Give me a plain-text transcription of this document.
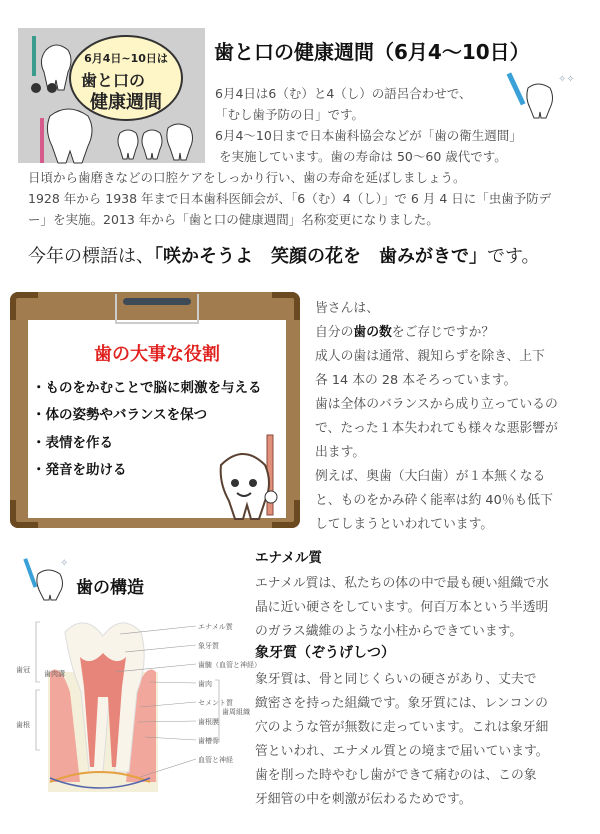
6月4日~10日は
歯と口の
健康週間
歯と口の健康週間（6月4～10日）
✧✧
6月4日は6（む）と4（し）の語呂合わせで、
「むし歯予防の日」です。
6月4～10日まで日本歯科協会などが「歯の衛生週間」
を実施しています。歯の寿命は 50～60 歳代です。
日頃から歯磨きなどの口腔ケアをしっかり行い、歯の寿命を延ばしましょう。
1928 年から 1938 年まで日本歯科医師会が、「6（む）4（し）」で 6 月 4 日に「虫歯予防デ
ー」を実施。2013 年から「歯と口の健康週間」名称変更になりました。
今年の標語は、「咲かそうよ　笑顔の花を　歯みがきで」です。
歯の大事な役割
・ものをかむことで脳に刺激を与える
・体の姿勢やバランスを保つ
・表情を作る
・発音を助ける
皆さんは、
自分の歯の数をご存じですか？
成人の歯は通常、親知らずを除き、上下
各 14 本の 28 本そろっています。
歯は全体のバランスから成り立っているの
で、たった１本失われても様々な悪影響が
出ます。
例えば、奥歯（大臼歯）が１本無くなる
と、ものをかみ砕く能率は約 40％も低下
してしまうといわれています。
✧
歯の構造
エナメル質
象牙質
歯髄（血管と神経）
歯肉
セメント質
歯根膜
歯槽骨
血管と神経
歯冠
歯根
歯肉溝
歯周組織
エナメル質
エナメル質は、私たちの体の中で最も硬い組織で水
晶に近い硬さをしています。何百万本という半透明
のガラス繊維のような小柱からできています。
象牙質（ぞうげしつ）
象牙質は、骨と同じくらいの硬さがあり、丈夫で
緻密さを持った組織です。象牙質には、レンコンの
穴のような管が無数に走っています。これは象牙細
管といわれ、エナメル質との境まで届いています。
歯を削った時やむし歯ができて痛むのは、この象
牙細管の中を刺激が伝わるためです。
